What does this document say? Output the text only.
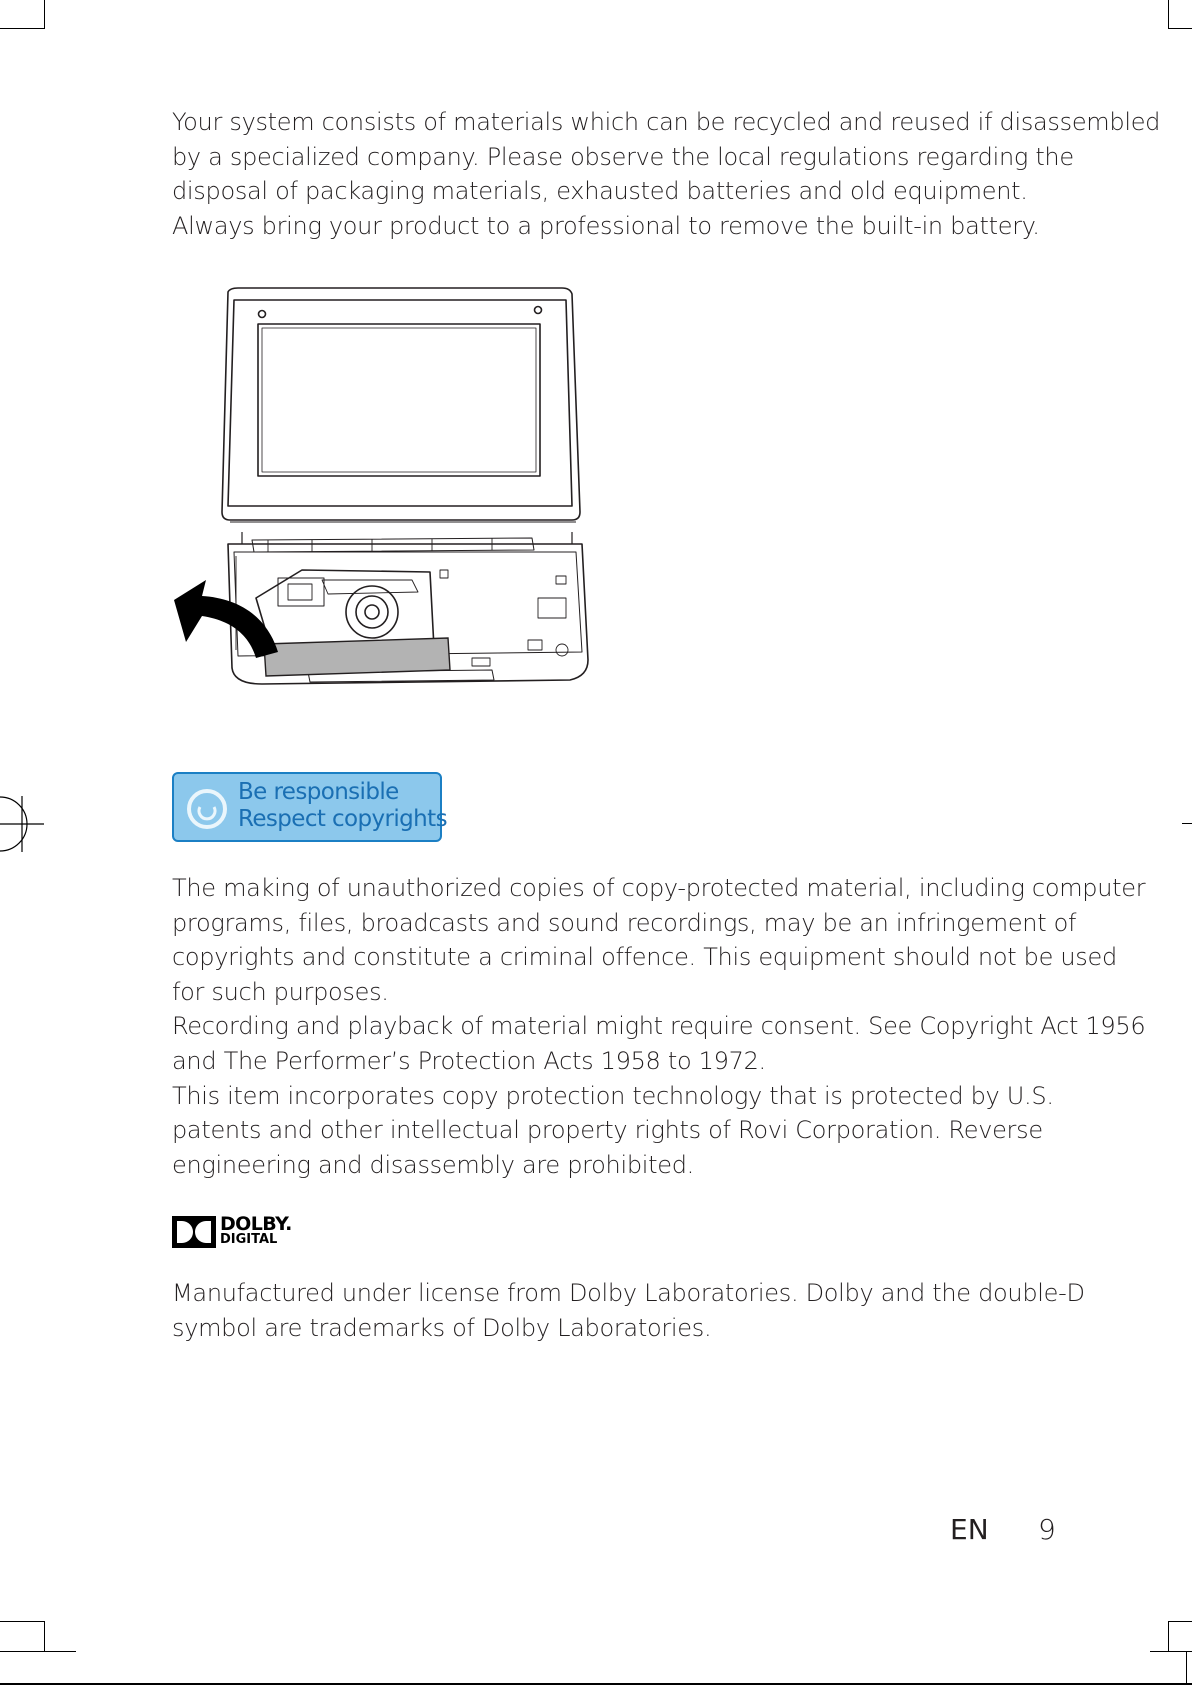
Your system consists of materials which can be recycled and reused if disassembled
by a specialized company. Please observe the local regulations regarding the
disposal of packaging materials, exhausted batteries and old equipment.
Always bring your product to a professional to remove the built-in battery.

Be responsible
Respect copyrights

The making of unauthorized copies of copy-protected material, including computer
programs, files, broadcasts and sound recordings, may be an infringement of
copyrights and constitute a criminal offence. This equipment should not be used
for such purposes.
Recording and playback of material might require consent. See Copyright Act 1956
and The Performer’s Protection Acts 1958 to 1972.
This item incorporates copy protection technology that is protected by U.S.
patents and other intellectual property rights of Rovi Corporation. Reverse
engineering and disassembly are prohibited.

DOLBY.
DIGITAL

Manufactured under license from Dolby Laboratories. Dolby and the double-D
symbol are trademarks of Dolby Laboratories.

EN 9
